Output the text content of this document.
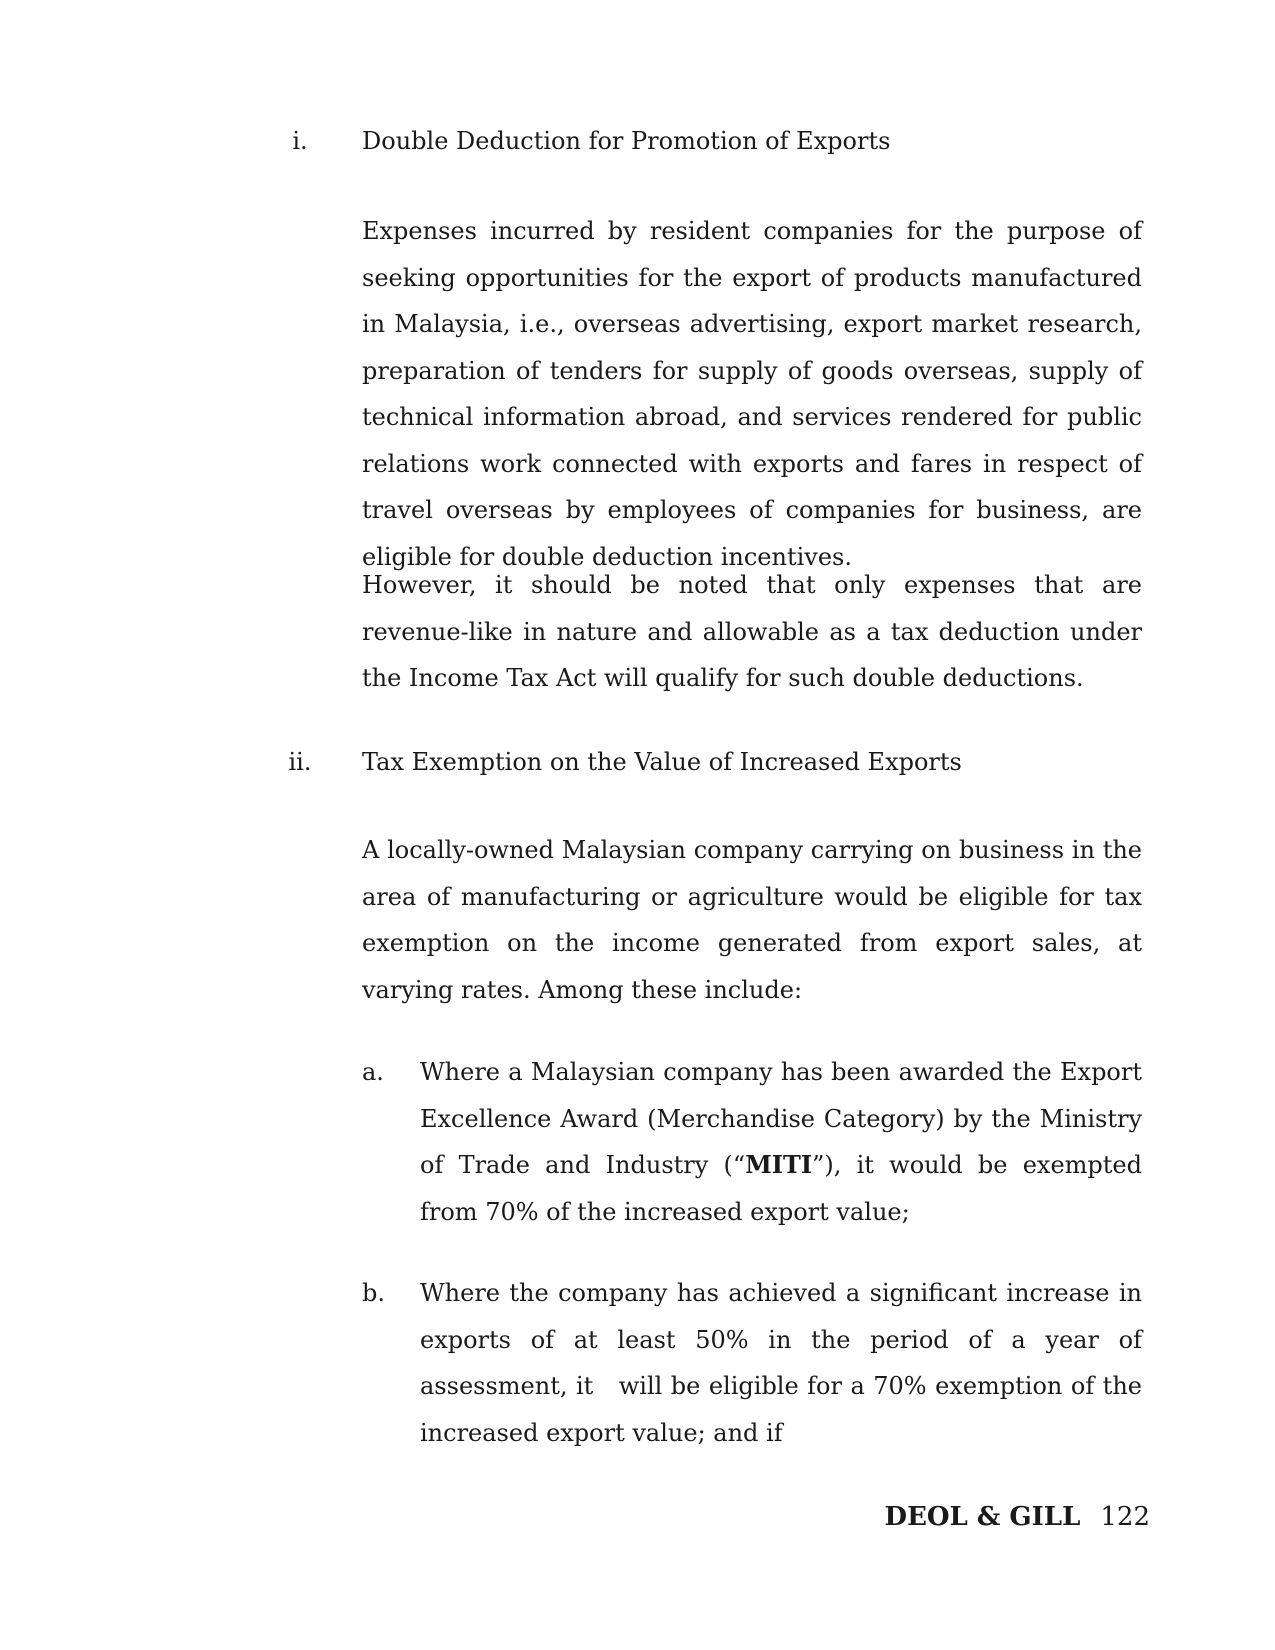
i.	Double Deduction for Promotion of Exports

Expenses incurred by resident companies for the purpose of seeking opportunities for the export of products manufactured in Malaysia, i.e., overseas advertising, export market research, preparation of tenders for supply of goods overseas, supply of technical information abroad, and services rendered for public relations work connected with exports and fares in respect of travel overseas by employees of companies for business, are eligible for double deduction incentives.

However, it should be noted that only expenses that are revenue-like in nature and allowable as a tax deduction under the Income Tax Act will qualify for such double deductions.

ii.	Tax Exemption on the Value of Increased Exports

A locally-owned Malaysian company carrying on business in the area of manufacturing or agriculture would be eligible for tax exemption on the income generated from export sales, at varying rates. Among these include:

a.	Where a Malaysian company has been awarded the Export Excellence Award (Merchandise Category) by the Ministry of Trade and Industry (“MITI”), it would be exempted from 70% of the increased export value;

b.	Where the company has achieved a significant increase in exports of at least 50% in the period of a year of assessment, it   will be eligible for a 70% exemption of the increased export value; and if

DEOL & GILL 122
